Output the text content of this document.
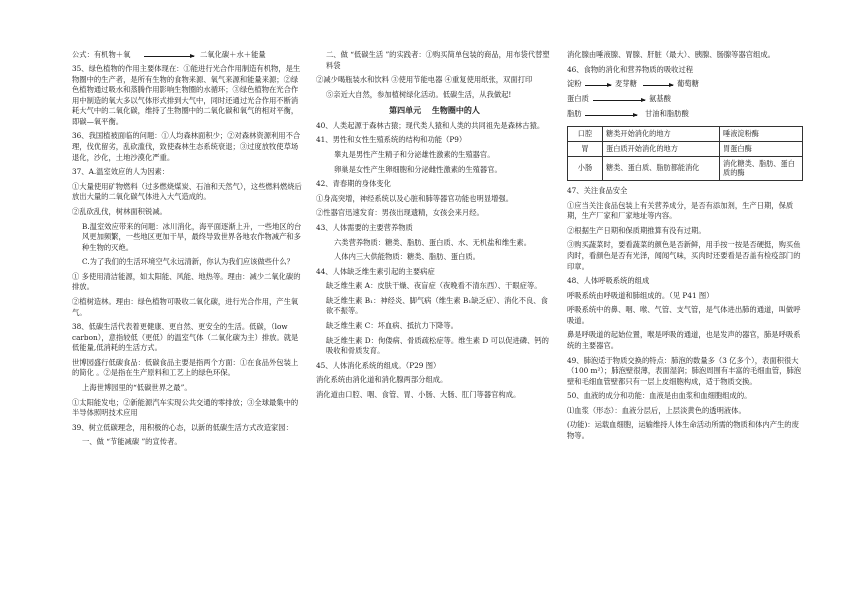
公式：有机物＋氧	二氧化碳＋水＋能量

35、绿色植物的作用主要体现在：①能进行光合作用制造有机物，是生物圈中的生产者，是所有生物的食物来源、氧气来源和能量来源；②绿色植物通过吸水和蒸腾作用影响生物圈的水循环；③绿色植物在光合作用中制造的氧大多以气体形式排到大气中，同时还通过光合作用不断消耗大气中的二氧化碳，维持了生物圈中的二氧化碳和氧气的相对平衡，即碳—氧平衡。

36、我国植被面临的问题：①人均森林面积少；②对森林资源利用不合理，伐优留劣，乱砍滥伐，致使森林生态系统衰退；③过度放牧使草场退化，沙化，土地沙漠化严重。

37、A.温室效应的人为因素：

①大量使用矿物燃料（过多燃烧煤炭、石油和天然气），这些燃料燃烧后放出大量的二氧化碳气体进入大气造成的。

②乱砍乱伐，树林面积锐减。

B.温室效应带来的问题：冰川消化，海平面逐渐上升，一些地区的台风更加频繁，一些地区更加干旱，最终导致世界各地农作物减产和多种生物的灭绝。

C.为了我们的生活环境空气永远清新，你认为我们应该做些什么？

① 多使用清洁能源，如太阳能、风能、地热等。理由：减少二氧化碳的排放。

②植树造林。理由：绿色植物可吸收二氧化碳，进行光合作用，产生氧气。

38、低碳生活代表着更健康、更自然、更安全的生活。低碳，（low carbon），意指较低（更低）的温室气体（二氧化碳为主）排放。就是低能量,低消耗的生活方式。

世博园盛行低碳食品：低碳食品主要是指两个方面：①在食品外包装上的简化 。②是指在生产原料和工艺上的绿色环保。

上海世博园里的“低碳世界之最”。

①太阳能发电；②新能源汽车实现公共交通的零排放；③全球最集中的半导体照明技术应用

39、树立低碳理念，用积极的心态，以新的低碳生活方式改造家园：

一、做 “节能减碳 ”的宣传者。

二、做 “低碳生活 ”的实践者：①购买简单包装的商品，用布袋代替塑料袋

②减少喝瓶装水和饮料 ③使用节能电器 ④重复使用纸张，双面打印

⑤亲近大自然，参加植树绿化活动。低碳生活，从我做起!

第四单元　 生物圈中的人

40、人类起源于森林古猿；现代类人猿和人类的共同祖先是森林古猿。

41、男性和女性生殖系统的结构和功能（P9）

睾丸是男性产生精子和分泌雄性激素的生殖器官。

卵巢是女性产生卵细胞和分泌雌性激素的生殖器官。

42、青春期的身体变化

①身高突增，神经系统以及心脏和肺等器官功能也明显增强。

②性器官迅速发育：男孩出现遗精，女孩会来月经。

43、人体需要的主要营养物质

六类营养物质：糖类、脂肪、蛋白质、水、无机盐和维生素。

人体内三大供能物质：糖类、脂肪、蛋白质。

44、人体缺乏维生素引起的主要病症

缺乏维生素 A：皮肤干燥、夜盲症（夜晚看不清东西）、干眼症等。

缺乏维生素 B₁：神经炎、脚气病（维生素 B₁缺乏症）、消化不良、食欲不振等。

缺乏维生素 C：坏血病、抵抗力下降等。

缺乏维生素 D：佝偻病、骨质疏松症等。维生素 D 可以促进磷、钙的吸收和骨质发育。

45、人体消化系统的组成。（P29 图）

消化系统由消化道和消化腺两部分组成。

消化道由口腔、咽、食管、胃、小肠、大肠、肛门等器官构成。

消化腺由唾液腺、胃腺、肝脏（最大）、胰腺、肠腺等器官组成。

46、食物的消化和营养物质的吸收过程

淀粉	麦芽糖	葡萄糖
蛋白质	氨基酸
脂肪	甘油和脂肪酸
口腔	糖类开始消化的地方	唾液淀粉酶
胃	蛋白质开始消化的地方	胃蛋白酶
小肠	糖类、蛋白质、脂肪都能消化	消化糖类、脂肪、蛋白质的酶

47、关注食品安全

①应当关注食品包装上有关营养成分，是否有添加剂，生产日期，保质期，生产厂家和厂家地址等内容。

②根据生产日期和保质期推算有没有过期。

③购买蔬菜时，要看蔬菜的颜色是否新鲜，用手按一按是否硬挺，购买鱼肉时，看颜色是否有光泽，闻闻气味，买肉时还要看是否盖有检疫部门的印章。

48、人体呼吸系统的组成

呼吸系统由呼吸道和肺组成的。（见 P41 图）

呼吸系统中的鼻、咽、喉、气管、支气管，是气体进出肺的通道，叫做呼吸道。

鼻是呼吸道的起始位置，喉是呼吸的通道，也是发声的器官，肺是呼吸系统的主要器官。

49、肺泡适于物质交换的特点：肺泡的数量多（3 亿多个），表面积很大（100 m²）；肺泡壁很薄，表面湿润；肺泡周围有丰富的毛细血管，肺泡壁和毛细血管壁都只有一层上皮细胞构成，适于物质交换。

50、血液的成分和功能：血液是由血浆和血细胞组成的。

⑴血浆（形态）：血液分层后，上层淡黄色的透明液体。

(功能)：运载血细胞，运输维持人体生命活动所需的物质和体内产生的废物等。
